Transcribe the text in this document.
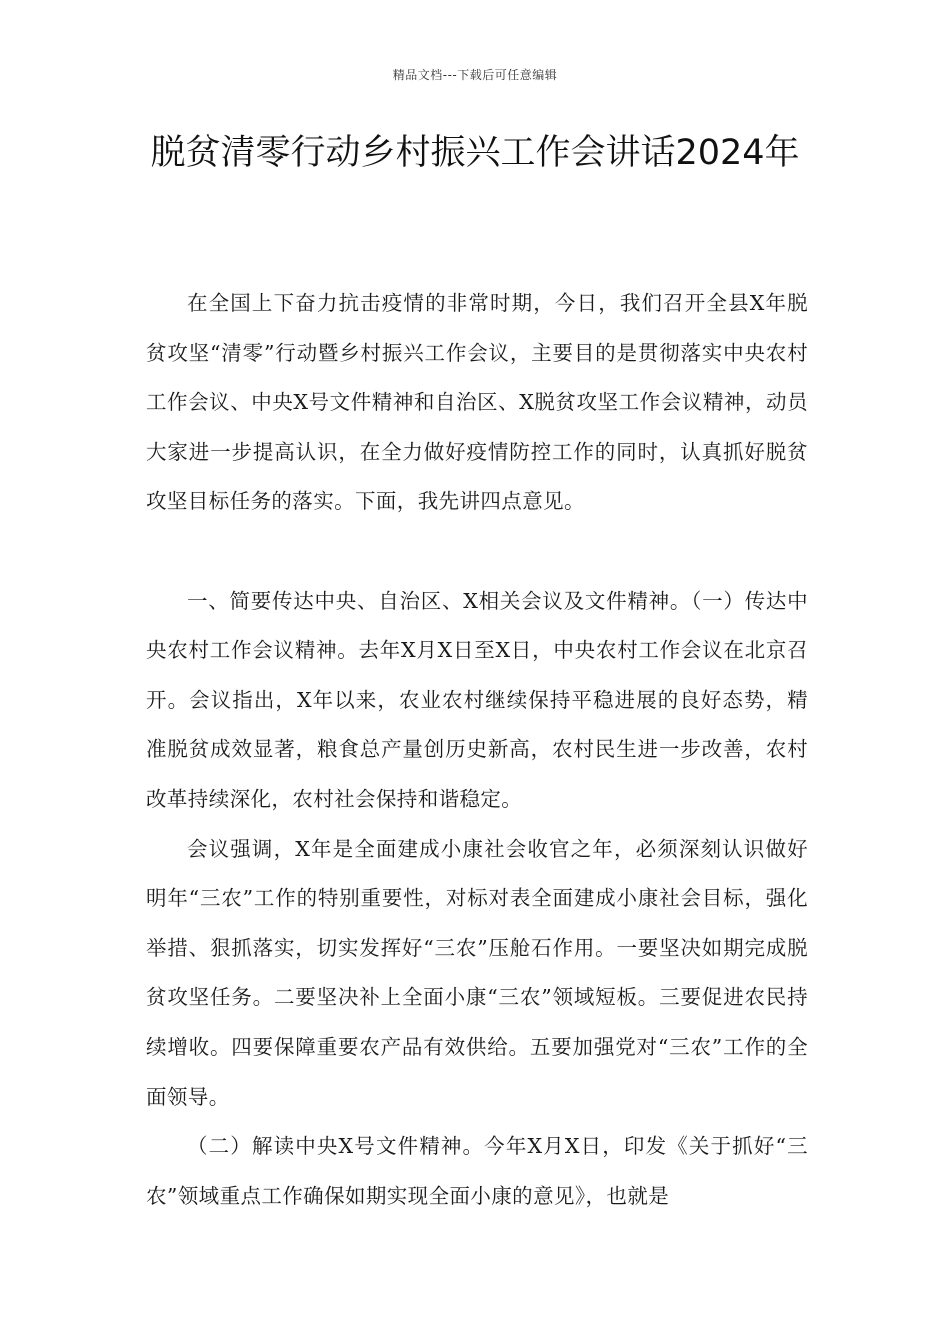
精品文档---下载后可任意编辑
脱贫清零行动乡村振兴工作会讲话2024年

在全国上下奋力抗击疫情的非常时期，今日，我们召开全县X年脱贫攻坚“清零”行动暨乡村振兴工作会议，主要目的是贯彻落实中央农村工作会议、中央X号文件精神和自治区、X脱贫攻坚工作会议精神，动员大家进一步提高认识，在全力做好疫情防控工作的同时，认真抓好脱贫攻坚目标任务的落实。下面，我先讲四点意见。

一、简要传达中央、自治区、X相关会议及文件精神。（一）传达中央农村工作会议精神。去年X月X日至X日，中央农村工作会议在北京召开。会议指出，X年以来，农业农村继续保持平稳进展的良好态势，精准脱贫成效显著，粮食总产量创历史新高，农村民生进一步改善，农村改革持续深化，农村社会保持和谐稳定。

会议强调，X年是全面建成小康社会收官之年，必须深刻认识做好明年“三农”工作的特别重要性，对标对表全面建成小康社会目标，强化举措、狠抓落实，切实发挥好“三农”压舱石作用。一要坚决如期完成脱贫攻坚任务。二要坚决补上全面小康“三农”领域短板。三要促进农民持续增收。四要保障重要农产品有效供给。五要加强党对“三农”工作的全面领导。

（二）解读中央X号文件精神。今年X月X日，印发《关于抓好“三农”领域重点工作确保如期实现全面小康的意见》，也就是
